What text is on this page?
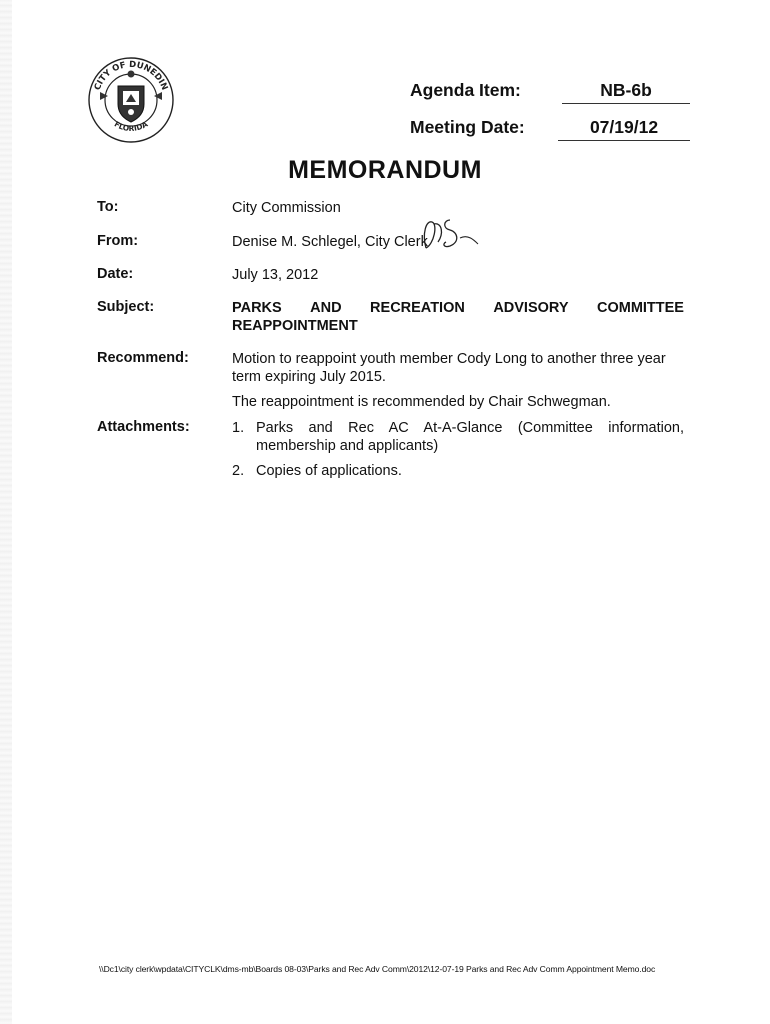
CITY OF DUNEDIN
FLORIDA
Agenda Item:	NB-6b
Meeting Date:	07/19/12
MEMORANDUM
To:	City Commission
From:	Denise M. Schlegel, City Clerk
Date:	July 13, 2012
Subject:	PARKS AND RECREATION ADVISORY COMMITTEE
REAPPOINTMENT
Recommend:	Motion to reappoint youth member Cody Long to another three year term expiring July 2015.
The reappointment is recommended by Chair Schwegman.
Attachments:	1. Parks and Rec AC At-A-Glance (Committee information, membership and applicants)
2. Copies of applications.
\\Dc1\city clerk\wpdata\CITYCLK\dms-mb\Boards 08-03\Parks and Rec Adv Comm\2012\12-07-19 Parks and Rec Adv Comm Appointment Memo.doc
